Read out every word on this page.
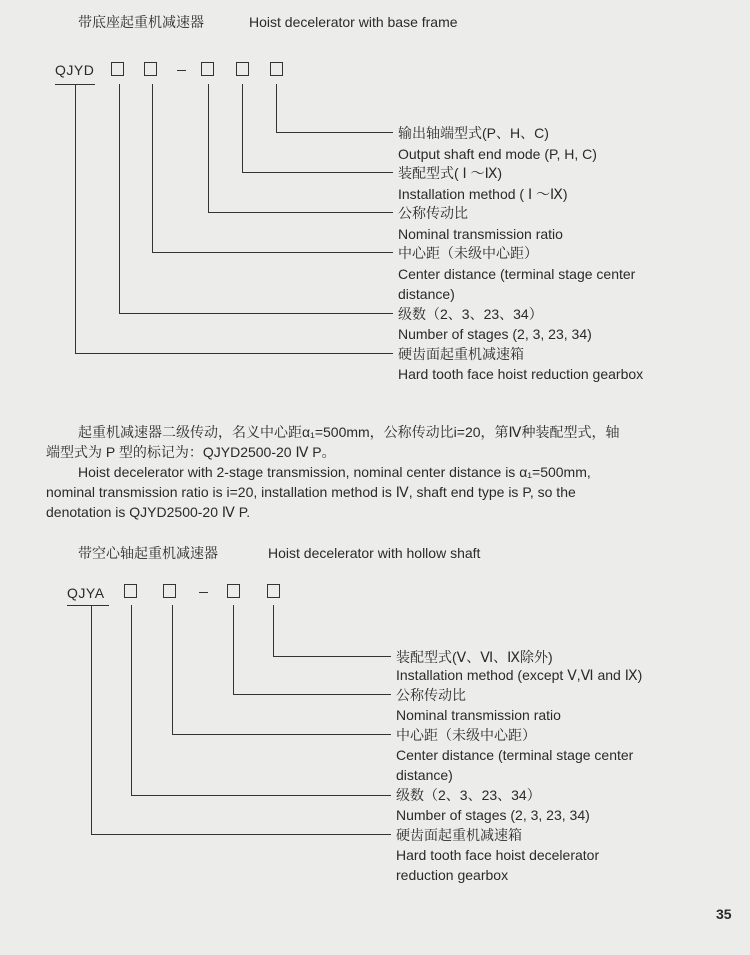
带底座起重机减速器	Hoist decelerator with base frame
QJYD
输出轴端型式(P、H、C)
Output shaft end mode (P, H, C)
装配型式( Ⅰ ～Ⅸ)
Installation method ( Ⅰ ～Ⅸ)
公称传动比
Nominal transmission ratio
中心距（未级中心距）
Center distance (terminal stage center
distance)
级数（2、3、23、34）
Number of stages (2, 3, 23, 34)
硬齿面起重机减速箱
Hard tooth face hoist reduction gearbox
起重机减速器二级传动，名义中心距α₁=500mm，公称传动比i=20，第Ⅳ种装配型式，轴
端型式为 P 型的标记为：QJYD2500-20 Ⅳ P。
Hoist decelerator with 2-stage transmission, nominal center distance is α₁=500mm,
nominal transmission ratio is i=20, installation method is Ⅳ, shaft end type is P, so the
denotation is QJYD2500-20 Ⅳ P.
带空心轴起重机减速器	Hoist decelerator with hollow shaft
QJYA
装配型式(Ⅴ、Ⅵ、Ⅸ除外)
Installation method (except Ⅴ,Ⅵ and Ⅸ)
公称传动比
Nominal transmission ratio
中心距（未级中心距）
Center distance (terminal stage center
distance)
级数（2、3、23、34）
Number of stages (2, 3, 23, 34)
硬齿面起重机减速箱
Hard tooth face hoist decelerator
reduction gearbox
35
